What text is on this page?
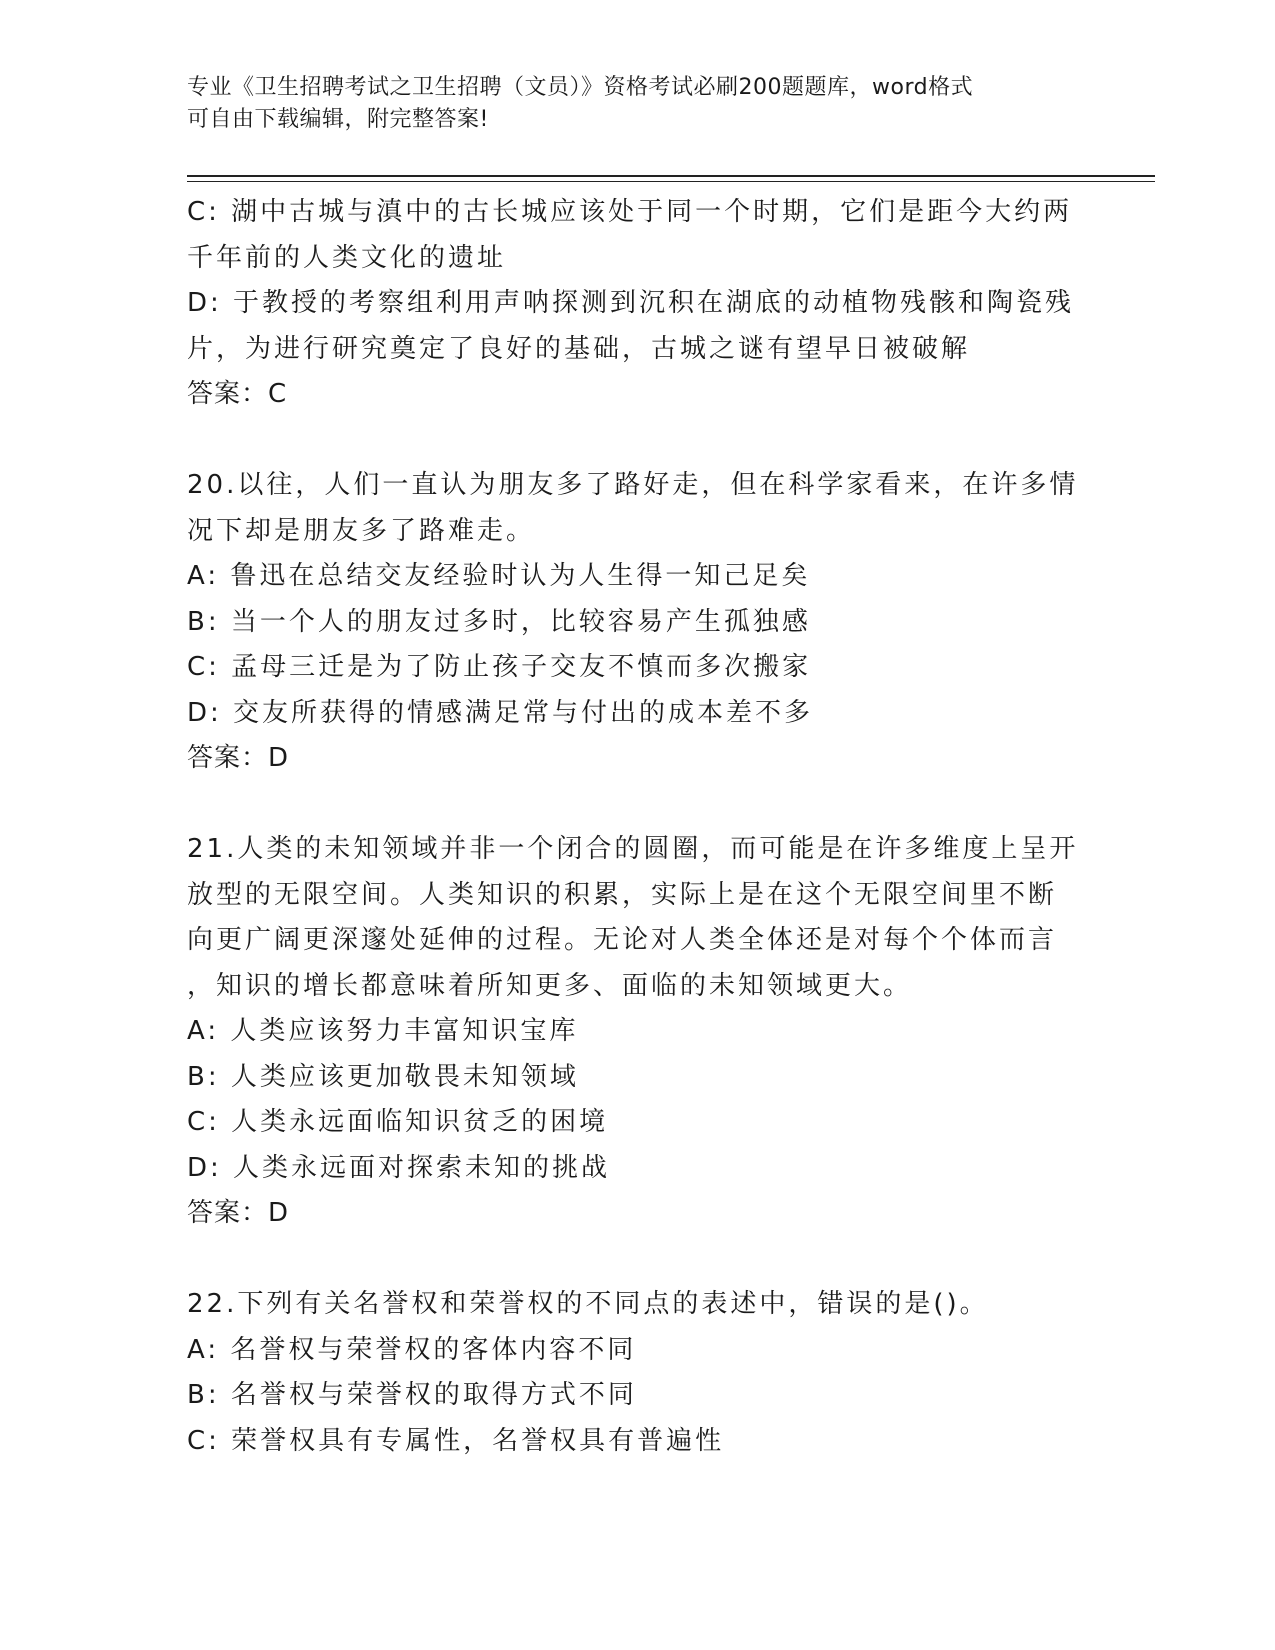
专业《卫生招聘考试之卫生招聘（文员）》资格考试必刷200题题库，word格式
可自由下载编辑，附完整答案!
C: 湖中古城与滇中的古长城应该处于同一个时期，它们是距今大约两
千年前的人类文化的遗址
D: 于教授的考察组利用声呐探测到沉积在湖底的动植物残骸和陶瓷残
片，为进行研究奠定了良好的基础，古城之谜有望早日被破解
答案：C
20.以往，人们一直认为朋友多了路好走，但在科学家看来，在许多情
况下却是朋友多了路难走。
A: 鲁迅在总结交友经验时认为人生得一知己足矣
B: 当一个人的朋友过多时，比较容易产生孤独感
C: 孟母三迁是为了防止孩子交友不慎而多次搬家
D: 交友所获得的情感满足常与付出的成本差不多
答案：D
21.人类的未知领域并非一个闭合的圆圈，而可能是在许多维度上呈开
放型的无限空间。人类知识的积累，实际上是在这个无限空间里不断
向更广阔更深邃处延伸的过程。无论对人类全体还是对每个个体而言
，知识的增长都意味着所知更多、面临的未知领域更大。
A: 人类应该努力丰富知识宝库
B: 人类应该更加敬畏未知领域
C: 人类永远面临知识贫乏的困境
D: 人类永远面对探索未知的挑战
答案：D
22.下列有关名誉权和荣誉权的不同点的表述中，错误的是()。
A: 名誉权与荣誉权的客体内容不同
B: 名誉权与荣誉权的取得方式不同
C: 荣誉权具有专属性，名誉权具有普遍性
